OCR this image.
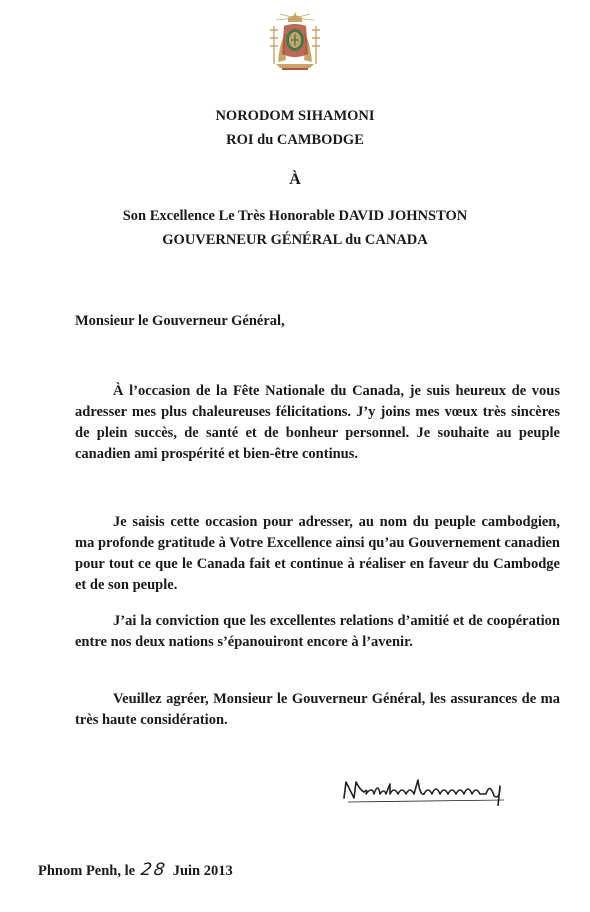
NORODOM SIHAMONI
ROI du CAMBODGE
À
Son Excellence Le Très Honorable DAVID JOHNSTON
GOUVERNEUR GÉNÉRAL du CANADA
Monsieur le Gouverneur Général,

À l’occasion de la Fête Nationale du Canada, je suis heureux de vous adresser mes plus chaleureuses félicitations. J’y joins mes vœux très sincères de plein succès, de santé et de bonheur personnel. Je souhaite au peuple canadien ami prospérité et bien-être continus.

Je saisis cette occasion pour adresser, au nom du peuple cambodgien, ma profonde gratitude à Votre Excellence ainsi qu’au Gouvernement canadien pour tout ce que le Canada fait et continue à réaliser en faveur du Cambodge et de son peuple.

J’ai la conviction que les excellentes relations d’amitié et de coopération entre nos deux nations s’épanouiront encore à l’avenir.

Veuillez agréer, Monsieur le Gouverneur Général, les assurances de ma très haute considération.

Phnom Penh, le 28 Juin 2013
